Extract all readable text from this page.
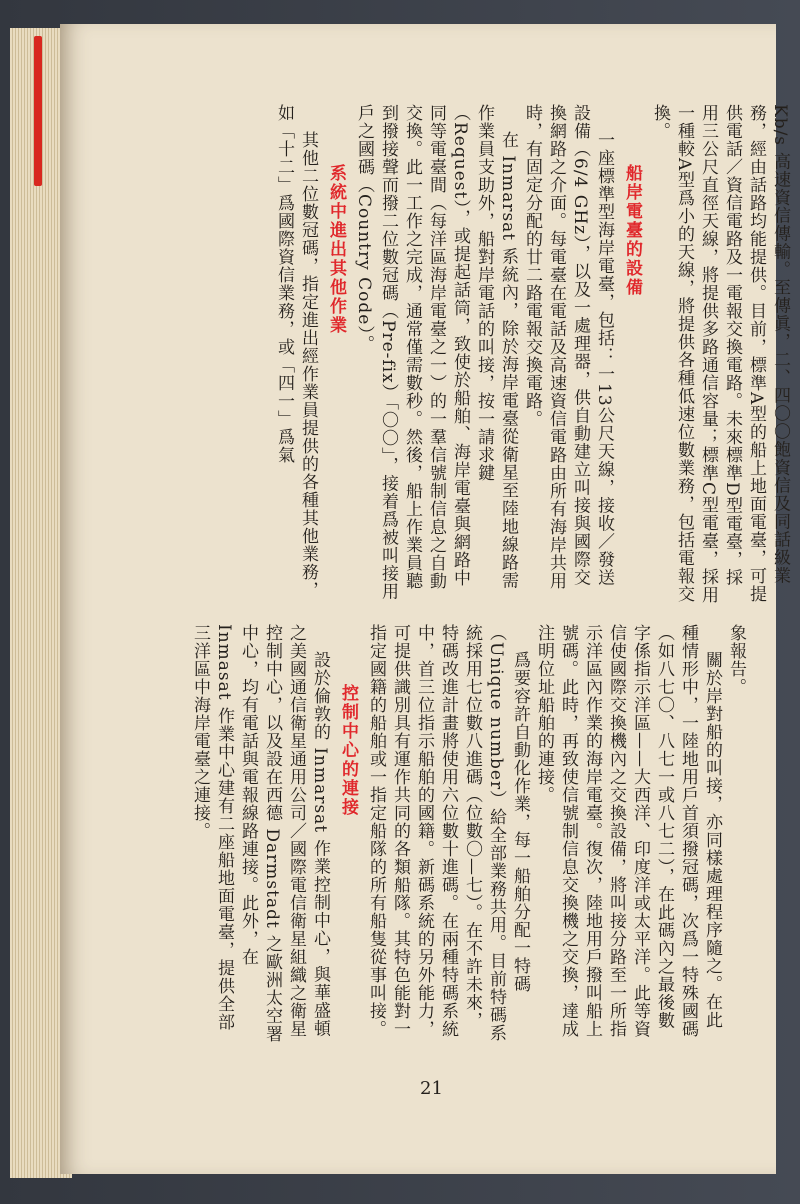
Kb/s 高速資信傳輸。至傳眞，二、四〇〇飽資信及同話級業務，經由話路均能提供。目前，標準A型的船上地面電臺，可提供電話／資信電路及一電報交換電路。未來標準D型電臺，採用三公尺直徑天線，將提供多路通信容量；標準C型電臺，採用一種較A型爲小的天線，將提供各種低速位數業務，包括電報交換。

船岸電臺的設備

一座標準型海岸電臺，包括：一13公尺天線，接收／發送設備（6/4 GHz），以及一處理器，供自動建立叫接與國際交換網路之介面。每電臺在電話及高速資信電路由所有海岸共用時，有固定分配的廿二路電報交換電路。

在 Inmarsat 系統內，除於海岸電臺從衛星至陸地線路需作業員支助外，船對岸電話的叫接，按一請求鍵（Request），或提起話筒，致使於船舶、海岸電臺與網路中同等電臺間（每洋區海岸電臺之一）的一羣信號制信息之自動交換。此一工作之完成，通常僅需數秒。然後，船上作業員聽到撥接聲而撥二位數冠碼（Pre-fix）「〇〇」，接着爲被叫接用戶之國碼（Country Code）。

系統中進出其他作業

其他二位數冠碼，指定進出經作業員提供的各種其他業務，如「十二」爲國際資信業務，或「四一」爲氣

象報告。

關於岸對船的叫接，亦同樣處理程序隨之。在此種情形中，一陸地用戶首須撥冠碼，次爲一特殊國碼（如八七〇、八七一或八七二），在此碼內之最後數字係指示洋區——大西洋、印度洋或太平洋。此等資信使國際交換機內之交換設備，將叫接分路至一所指示洋區內作業的海岸電臺。復次，陸地用戶撥叫船上號碼。此時，再致使信號制信息交換機之交換，達成注明位址船舶的連接。

爲要容許自動化作業，每一船舶分配一特碼（Unique number）給全部業務共用。目前特碼系統採用七位數八進碼（位數〇—七）。在不許未來，特碼改進計畫將使用六位數十進碼。在兩種特碼系統中，首三位指示船舶的國籍。新碼系統的另外能力，可提供識別具有運作共同的各類船隊。其特色能對一指定國籍的船舶或一指定船隊的所有船隻從事叫接。

控制中心的連接

設於倫敦的 Inmarsat 作業控制中心，與華盛頓之美國通信衛星通用公司／國際電信衛星組織之衛星控制中心，以及設在西德 Darmstadt 之歐洲太空署中心，均有電話與電報線路連接。此外，在 Inmasat 作業中心建有二座船地面電臺，提供全部三洋區中海岸電臺之連接。

21
